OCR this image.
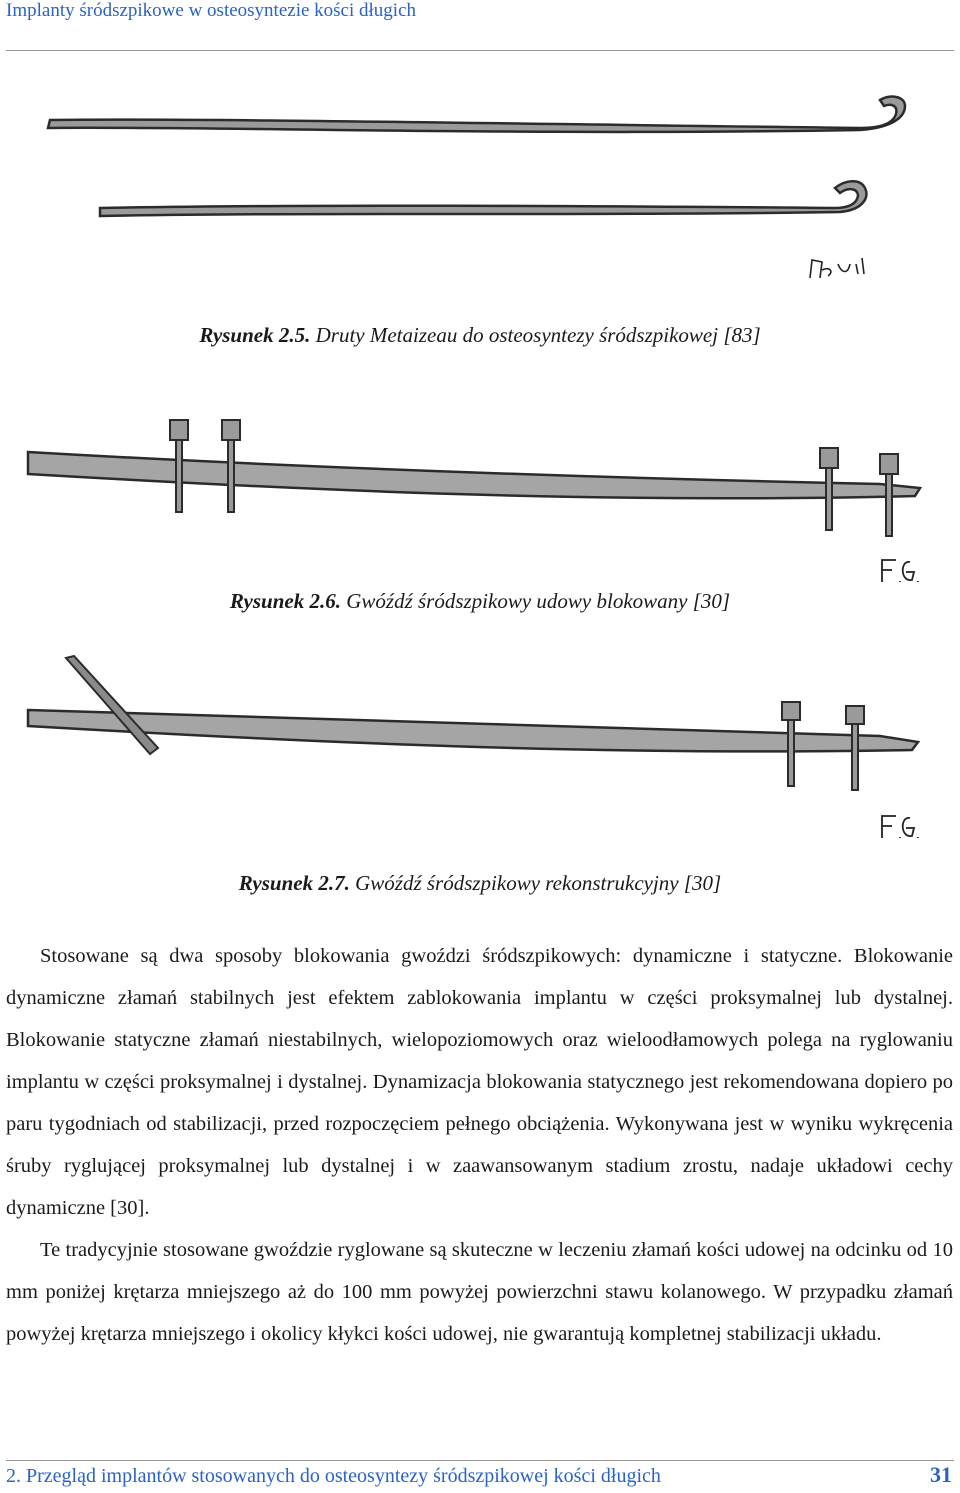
Implanty śródszpikowe w osteosyntezie kości długich
Rysunek 2.5. Druty Metaizeau do osteosyntezy śródszpikowej [83]
Rysunek 2.6. Gwóźdź śródszpikowy udowy blokowany [30]
Rysunek 2.7. Gwóźdź śródszpikowy rekonstrukcyjny [30]

Stosowane są dwa sposoby blokowania gwoździ śródszpikowych: dynamiczne i statyczne. Blokowanie dynamiczne złamań stabilnych jest efektem zablokowania implantu w części proksymalnej lub dystalnej. Blokowanie statyczne złamań niestabilnych, wielopoziomowych oraz wieloodłamowych polega na ryglowaniu implantu w części proksymalnej i dystalnej. Dynamizacja blokowania statycznego jest rekomendowana dopiero po paru tygodniach od stabilizacji, przed rozpoczęciem pełnego obciążenia. Wykonywana jest w wyniku wykręcenia śruby ryglującej proksymalnej lub dystalnej i w zaawansowanym stadium zrostu, nadaje układowi cechy dynamiczne [30].

Te tradycyjnie stosowane gwoździe ryglowane są skuteczne w leczeniu złamań kości udowej na odcinku od 10 mm poniżej krętarza mniejszego aż do 100 mm powyżej powierzchni stawu kolanowego. W przypadku złamań powyżej krętarza mniejszego i okolicy kłykci kości udowej, nie gwarantują kompletnej stabilizacji układu.

2. Przegląd implantów stosowanych do osteosyntezy śródszpikowej kości długich	31
